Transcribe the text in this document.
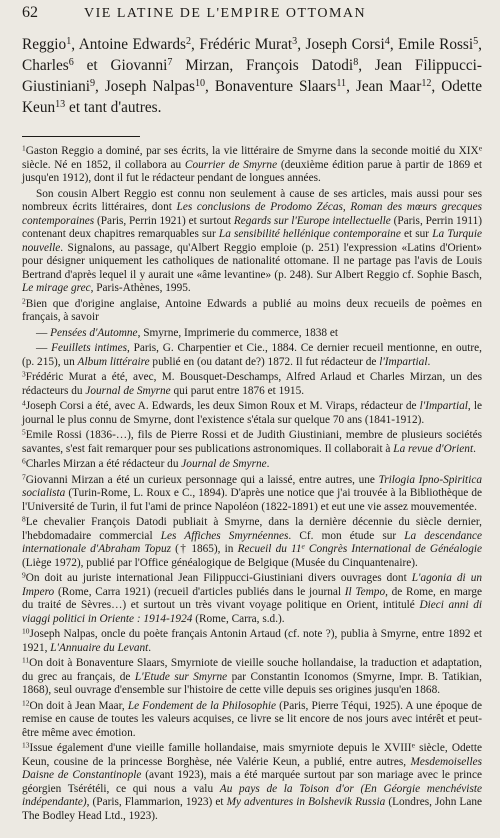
62	VIE LATINE DE L'EMPIRE OTTOMAN

Reggio$^1$, Antoine Edwards$^2$, Frédéric Murat$^3$, Joseph Corsi$^4$, Emile Rossi$^5$, Charles$^6$ et Giovanni$^7$ Mirzan, François Datodi$^8$, Jean Filippucci-Giustiniani$^9$, Joseph Nalpas$^{10}$, Bonaventure Slaars$^{11}$, Jean Maar$^{12}$, Odette Keun$^{13}$ et tant d'autres.

$^1$Gaston Reggio a dominé, par ses écrits, la vie littéraire de Smyrne dans la seconde moitié du XIXe siècle. Né en 1852, il collabora au Courrier de Smyrne (deuxième édition parue à partir de 1869 et jusqu'en 1912), dont il fut le rédacteur pendant de longues années.

Son cousin Albert Reggio est connu non seulement à cause de ses articles, mais aussi pour ses nombreux écrits littéraires, dont Les conclusions de Prodomo Zécas, Roman des mœurs grecques contemporaines (Paris, Perrin 1921) et surtout Regards sur l'Europe intellectuelle (Paris, Perrin 1911) contenant deux chapitres remarquables sur La sensibilité hellénique contemporaine et sur La Turquie nouvelle. Signalons, au passage, qu'Albert Reggio emploie (p. 251) l'expression «Latins d'Orient» pour désigner uniquement les catholiques de nationalité ottomane. Il ne partage pas l'avis de Louis Bertrand d'après lequel il y aurait une «âme levantine» (p. 248). Sur Albert Reggio cf. Sophie Basch, Le mirage grec, Paris-Athènes, 1995.

$^2$Bien que d'origine anglaise, Antoine Edwards a publié au moins deux recueils de poèmes en français, à savoir

— Pensées d'Automne, Smyrne, Imprimerie du commerce, 1838 et

— Feuillets intimes, Paris, G. Charpentier et Cie., 1884. Ce dernier recueil mentionne, en outre, (p. 215), un Album littéraire publié en (ou datant de?) 1872. Il fut rédacteur de l'Impartial.

$^3$Frédéric Murat a été, avec, M. Bousquet-Deschamps, Alfred Arlaud et Charles Mirzan, un des rédacteurs du Journal de Smyrne qui parut entre 1876 et 1915.

$^4$Joseph Corsi a été, avec A. Edwards, les deux Simon Roux et M. Viraps, rédacteur de l'Impartial, le journal le plus connu de Smyrne, dont l'existence s'étala sur quelque 70 ans (1841-1912).

$^5$Emile Rossi (1836-…), fils de Pierre Rossi et de Judith Giustiniani, membre de plusieurs sociétés savantes, s'est fait remarquer pour ses publications astronomiques. Il collaborait à La revue d'Orient.

$^6$Charles Mirzan a été rédacteur du Journal de Smyrne.

$^7$Giovanni Mirzan a été un curieux personnage qui a laissé, entre autres, une Trilogia Ipno-Spiritica socialista (Turin-Rome, L. Roux e C., 1894). D'après une notice que j'ai trouvée à la Bibliothèque de l'Université de Turin, il fut l'ami de prince Napoléon (1822-1891) et eut une vie assez mouvementée.

$^8$Le chevalier François Datodi publiait à Smyrne, dans la dernière décennie du siècle dernier, l'hebdomadaire commercial Les Affiches Smyrnéennes. Cf. mon étude sur La descendance internationale d'Abraham Topuz († 1865), in Recueil du 11e Congrès International de Généalogie (Liège 1972), publié par l'Office généalogique de Belgique (Musée du Cinquantenaire).

$^9$On doit au juriste international Jean Filippucci-Giustiniani divers ouvrages dont L'agonia di un Impero (Rome, Carra 1921) (recueil d'articles publiés dans le journal Il Tempo, de Rome, en marge du traité de Sèvres…) et surtout un très vivant voyage politique en Orient, intitulé Dieci anni di viaggi politici in Oriente : 1914-1924 (Rome, Carra, s.d.).

$^{10}$Joseph Nalpas, oncle du poète français Antonin Artaud (cf. note ?), publia à Smyrne, entre 1892 et 1921, L'Annuaire du Levant.

$^{11}$On doit à Bonaventure Slaars, Smyrniote de vieille souche hollandaise, la traduction et adaptation, du grec au français, de L'Etude sur Smyrne par Constantin Iconomos (Smyrne, Impr. B. Tatikian, 1868), seul ouvrage d'ensemble sur l'histoire de cette ville depuis ses origines jusqu'en 1868.

$^{12}$On doit à Jean Maar, Le Fondement de la Philosophie (Paris, Pierre Téqui, 1925). A une époque de remise en cause de toutes les valeurs acquises, ce livre se lit encore de nos jours avec intérêt et peut-être même avec émotion.

$^{13}$Issue également d'une vieille famille hollandaise, mais smyrniote depuis le XVIIIe siècle, Odette Keun, cousine de la princesse Borghèse, née Valérie Keun, a publié, entre autres, Mesdemoiselles Daisne de Constantinople (avant 1923), mais a été marquée surtout par son mariage avec le prince géorgien Tsérétéli, ce qui nous a valu Au pays de la Toison d'or (En Géorgie menchéviste indépendante), (Paris, Flammarion, 1923) et My adventures in Bolshevik Russia (Londres, John Lane The Bodley Head Ltd., 1923).
